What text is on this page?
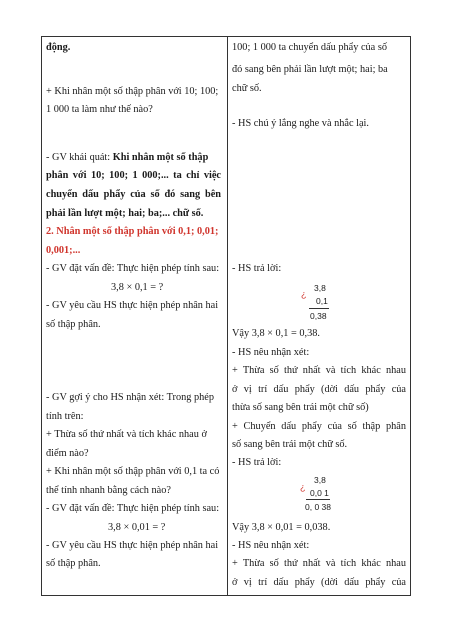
động.
+ Khi nhân một số thập phân với 10; 100;
1 000 ta làm như thế nào?
- GV khái quát: Khi nhân một số thập
phân với 10; 100; 1 000;... ta chỉ việc
chuyển dấu phẩy của số đó sang bên
phải lần lượt một; hai; ba;... chữ số.
2. Nhân một số thập phân với 0,1; 0,01;
0,001;...
- GV đặt vấn đề: Thực hiện phép tính sau:
3,8 × 0,1 = ?
- GV yêu cầu HS thực hiện phép nhân hai
số thập phân.
- GV gợi ý cho HS nhận xét: Trong phép
tính trên:
+ Thừa số thứ nhất và tích khác nhau ở
điểm nào?
+ Khi nhân một số thập phân với 0,1 ta có
thể tính nhanh bằng cách nào?
- GV đặt vấn đề: Thực hiện phép tính sau:
3,8 × 0,01 = ?
- GV yêu cầu HS thực hiện phép nhân hai
số thập phân.
100; 1 000 ta chuyển dấu phẩy của số
đó sang bên phải lần lượt một; hai; ba
chữ số.
- HS chú ý lắng nghe và nhắc lại.
- HS trả lời:
¿
3,8
0,1
0,38
Vậy 3,8 × 0,1 = 0,38.
- HS nêu nhận xét:
+ Thừa số thứ nhất và tích khác nhau
ở vị trí dấu phẩy (dời dấu phẩy của
thừa số sang bên trái một chữ số)
+ Chuyển dấu phẩy của số thập phân
số sang bên trái một chữ số.
- HS trả lời:
¿
3,8
0,0 1
0, 0 38
Vậy 3,8 × 0,01 = 0,038.
- HS nêu nhận xét:
+ Thừa số thứ nhất và tích khác nhau
ở vị trí dấu phẩy (dời dấu phẩy của
